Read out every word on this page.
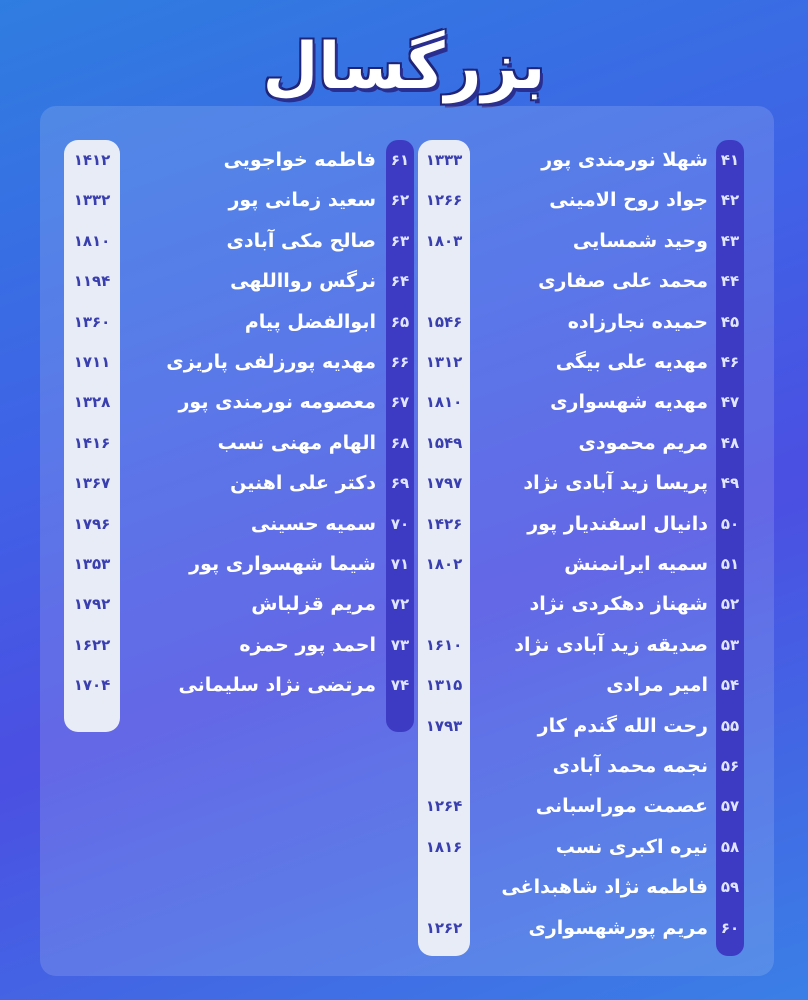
بزرگسال
۴۱
شهلا نورمندی پور
۱۳۳۳
۴۲
جواد روح الامینی
۱۲۶۶
۴۳
وحید شمسایی
۱۸۰۳
۴۴
محمد علی صفاری
۴۵
حمیده نجارزاده
۱۵۴۶
۴۶
مهدیه علی بیگی
۱۳۱۲
۴۷
مهدیه شهسواری
۱۸۱۰
۴۸
مریم محمودی
۱۵۴۹
۴۹
پریسا زید آبادی نژاد
۱۷۹۷
۵۰
دانیال اسفندیار پور
۱۴۲۶
۵۱
سمیه ایرانمنش
۱۸۰۲
۵۲
شهناز دهکردی نژاد
۵۳
صدیقه زید آبادی نژاد
۱۶۱۰
۵۴
امیر مرادی
۱۳۱۵
۵۵
رحت الله گندم کار
۱۷۹۳
۵۶
نجمه محمد آبادی
۵۷
عصمت موراسبانی
۱۲۶۴
۵۸
نیره اکبری نسب
۱۸۱۶
۵۹
فاطمه نژاد شاهبداغی
۶۰
مریم پورشهسواری
۱۲۶۲
۶۱
فاطمه خواجویی
۱۴۱۲
۶۲
سعید زمانی پور
۱۳۳۲
۶۳
صالح مکی آبادی
۱۸۱۰
۶۴
نرگس روااللهی
۱۱۹۴
۶۵
ابوالفضل پیام
۱۳۶۰
۶۶
مهدیه پورزلفی پاریزی
۱۷۱۱
۶۷
معصومه نورمندی پور
۱۳۲۸
۶۸
الهام مهنی نسب
۱۴۱۶
۶۹
دکتر علی اهنین
۱۳۶۷
۷۰
سمیه حسینی
۱۷۹۶
۷۱
شیما شهسواری پور
۱۳۵۳
۷۲
مریم قزلباش
۱۷۹۲
۷۳
احمد پور حمزه
۱۶۲۲
۷۴
مرتضی نژاد سلیمانی
۱۷۰۴
